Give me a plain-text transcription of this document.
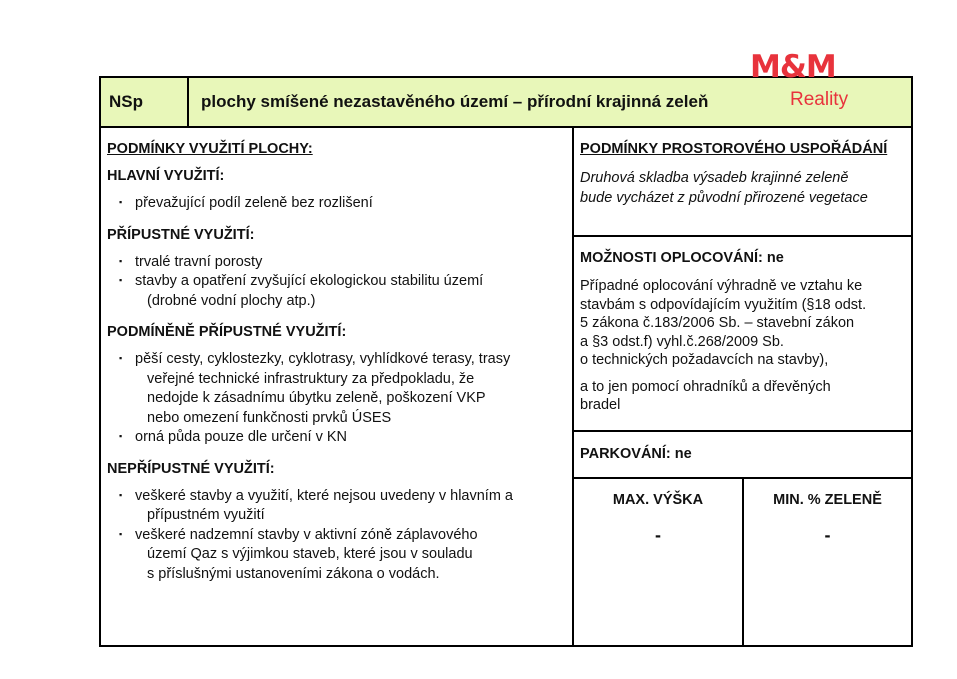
NSp	plochy smíšené nezastavěného území – přírodní krajinná zeleň
PODMÍNKY VYUŽITÍ PLOCHY:
HLAVNÍ VYUŽITÍ:
▪ převažující podíl zeleně bez rozlišení
PŘÍPUSTNÉ VYUŽITÍ:
▪ trvalé travní porosty
▪ stavby a opatření zvyšující ekologickou stabilitu území
(drobné vodní plochy atp.)
PODMÍNĚNĚ PŘÍPUSTNÉ VYUŽITÍ:
▪ pěší cesty, cyklostezky, cyklotrasy, vyhlídkové terasy, trasy
veřejné technické infrastruktury za předpokladu, že
nedojde k zásadnímu úbytku zeleně, poškození VKP
nebo omezení funkčnosti prvků ÚSES
▪ orná půda pouze dle určení v KN
NEPŘÍPUSTNÉ VYUŽITÍ:
▪ veškeré stavby a využití, které nejsou uvedeny v hlavním a
přípustném využití
▪ veškeré nadzemní stavby v aktivní zóně záplavového
území Qaz s výjimkou staveb, které jsou v souladu
s příslušnými ustanoveními zákona o vodách.
PODMÍNKY PROSTOROVÉHO USPOŘÁDÁNÍ
Druhová skladba výsadeb krajinné zeleně
bude vycházet z původní přirozené vegetace
MOŽNOSTI OPLOCOVÁNÍ: ne
Případné oplocování výhradně ve vztahu ke
stavbám s odpovídajícím využitím (§18 odst.
5 zákona č.183/2006 Sb. – stavební zákon
a §3 odst.f) vyhl.č.268/2009 Sb.
o technických požadavcích na stavby),
a to jen pomocí ohradníků a dřevěných
bradel
PARKOVÁNÍ: ne
MAX. VÝŠKA
-
MIN. % ZELENĚ
-
M&M
Reality
